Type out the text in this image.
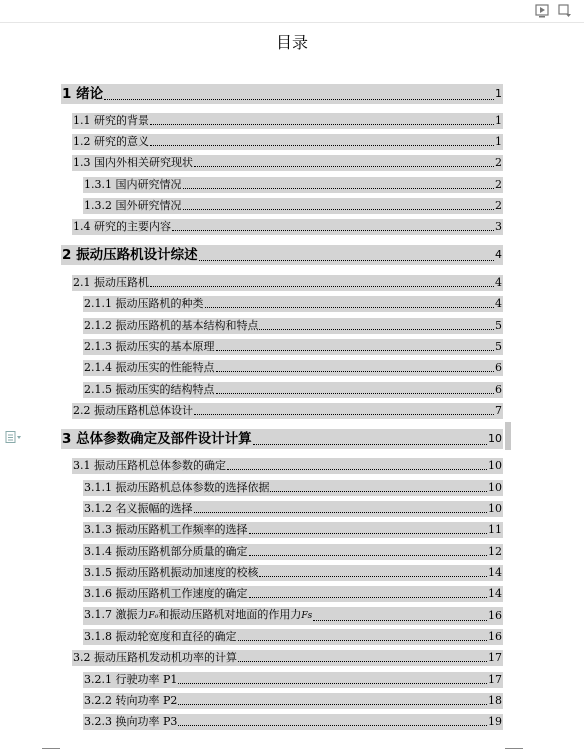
目录
1 绪论	1
1.1 研究的背景	1
1.2 研究的意义	1
1.3 国内外相关研究现状	2
1.3.1 国内研究情况	2
1.3.2 国外研究情况	2
1.4 研究的主要内容	3
2 振动压路机设计综述	4
2.1 振动压路机	4
2.1.1 振动压路机的种类	4
2.1.2 振动压路机的基本结构和特点	5
2.1.3 振动压实的基本原理	5
2.1.4 振动压实的性能特点	6
2.1.5 振动压实的结构特点	6
2.2 振动压路机总体设计	7
3 总体参数确定及部件设计计算	10
3.1 振动压路机总体参数的确定	10
3.1.1 振动压路机总体参数的选择依据	10
3.1.2 名义振幅的选择	10
3.1.3 振动压路机工作频率的选择	11
3.1.4 振动压路机部分质量的确定	12
3.1.5 振动压路机振动加速度的校核	14
3.1.6 振动压路机工作速度的确定	14
3.1.7 激振力F₀和振动压路机对地面的作用力Fs	16
3.1.8 振动轮宽度和直径的确定	16
3.2 振动压路机发动机功率的计算	17
3.2.1 行驶功率 P1	17
3.2.2 转向功率 P2	18
3.2.3 换向功率 P3	19
